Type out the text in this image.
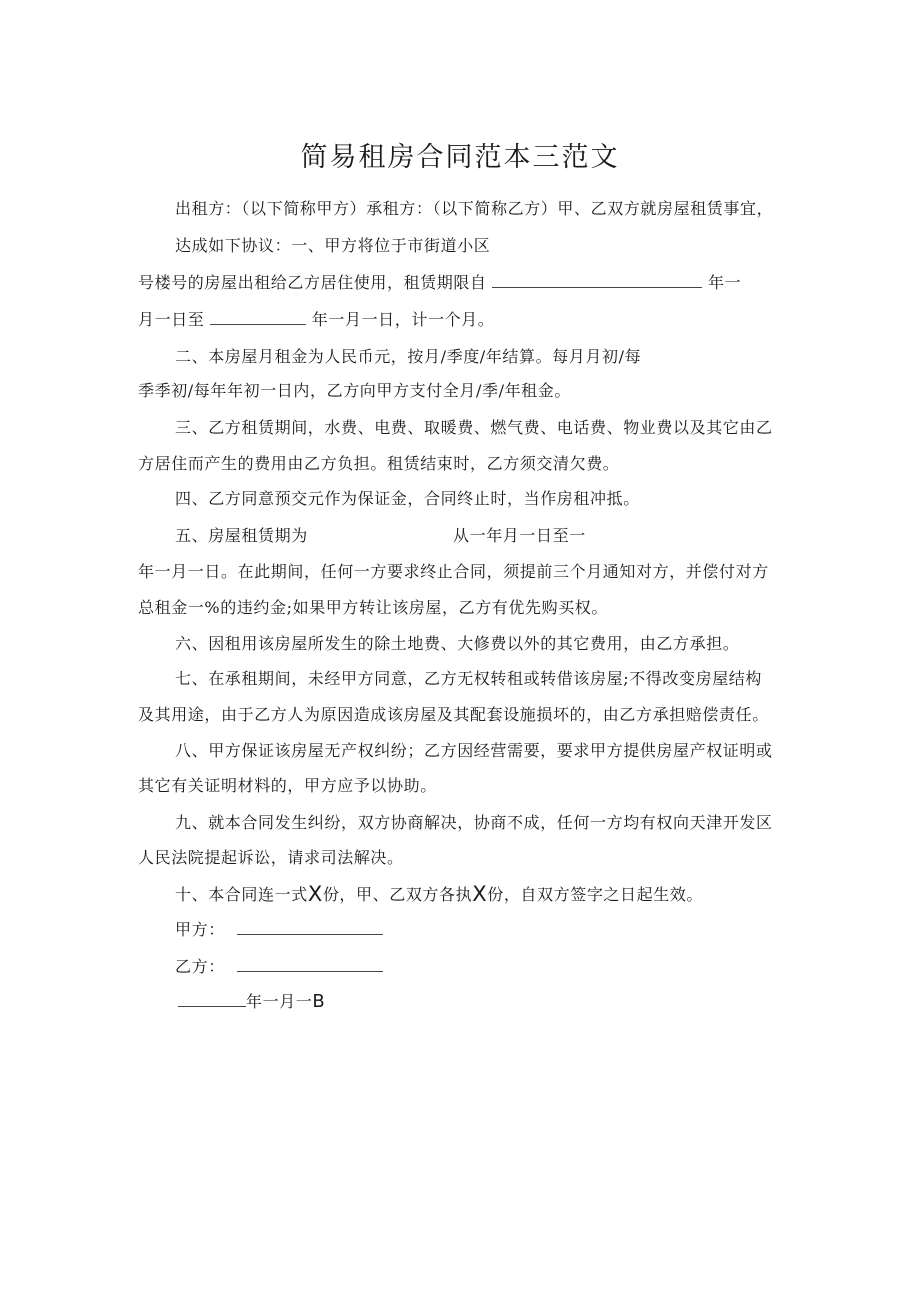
简易租房合同范本三范文
出租方：（以下简称甲方）承租方：（以下简称乙方）甲、乙双方就房屋租赁事宜，
达成如下协议：一、甲方将位于市街道小区
号楼号的房屋出租给乙方居住使用，租赁期限自	年一
月一日至	年一月一日，计一个月。
二、本房屋月租金为人民币元，按月/季度/年结算。每月月初/每
季季初/每年年初一日内，乙方向甲方支付全月/季/年租金。
三、乙方租赁期间，水费、电费、取暖费、燃气费、电话费、物业费以及其它由乙
方居住而产生的费用由乙方负担。租赁结束时，乙方须交清欠费。
四、乙方同意预交元作为保证金，合同终止时，当作房租冲抵。
五、房屋租赁期为	从一年月一日至一
年一月一日。在此期间，任何一方要求终止合同，须提前三个月通知对方，并偿付对方
总租金一%的违约金;如果甲方转让该房屋，乙方有优先购买权。
六、因租用该房屋所发生的除土地费、大修费以外的其它费用，由乙方承担。
七、在承租期间，未经甲方同意，乙方无权转租或转借该房屋;不得改变房屋结构
及其用途，由于乙方人为原因造成该房屋及其配套设施损坏的，由乙方承担赔偿责任。
八、甲方保证该房屋无产权纠纷；乙方因经营需要，要求甲方提供房屋产权证明或
其它有关证明材料的，甲方应予以协助。
九、就本合同发生纠纷，双方协商解决，协商不成，任何一方均有权向天津开发区
人民法院提起诉讼，请求司法解决。
十、本合同连一式X份，甲、乙双方各执X份，自双方签字之日起生效。
甲方：
乙方：
年一月一B
